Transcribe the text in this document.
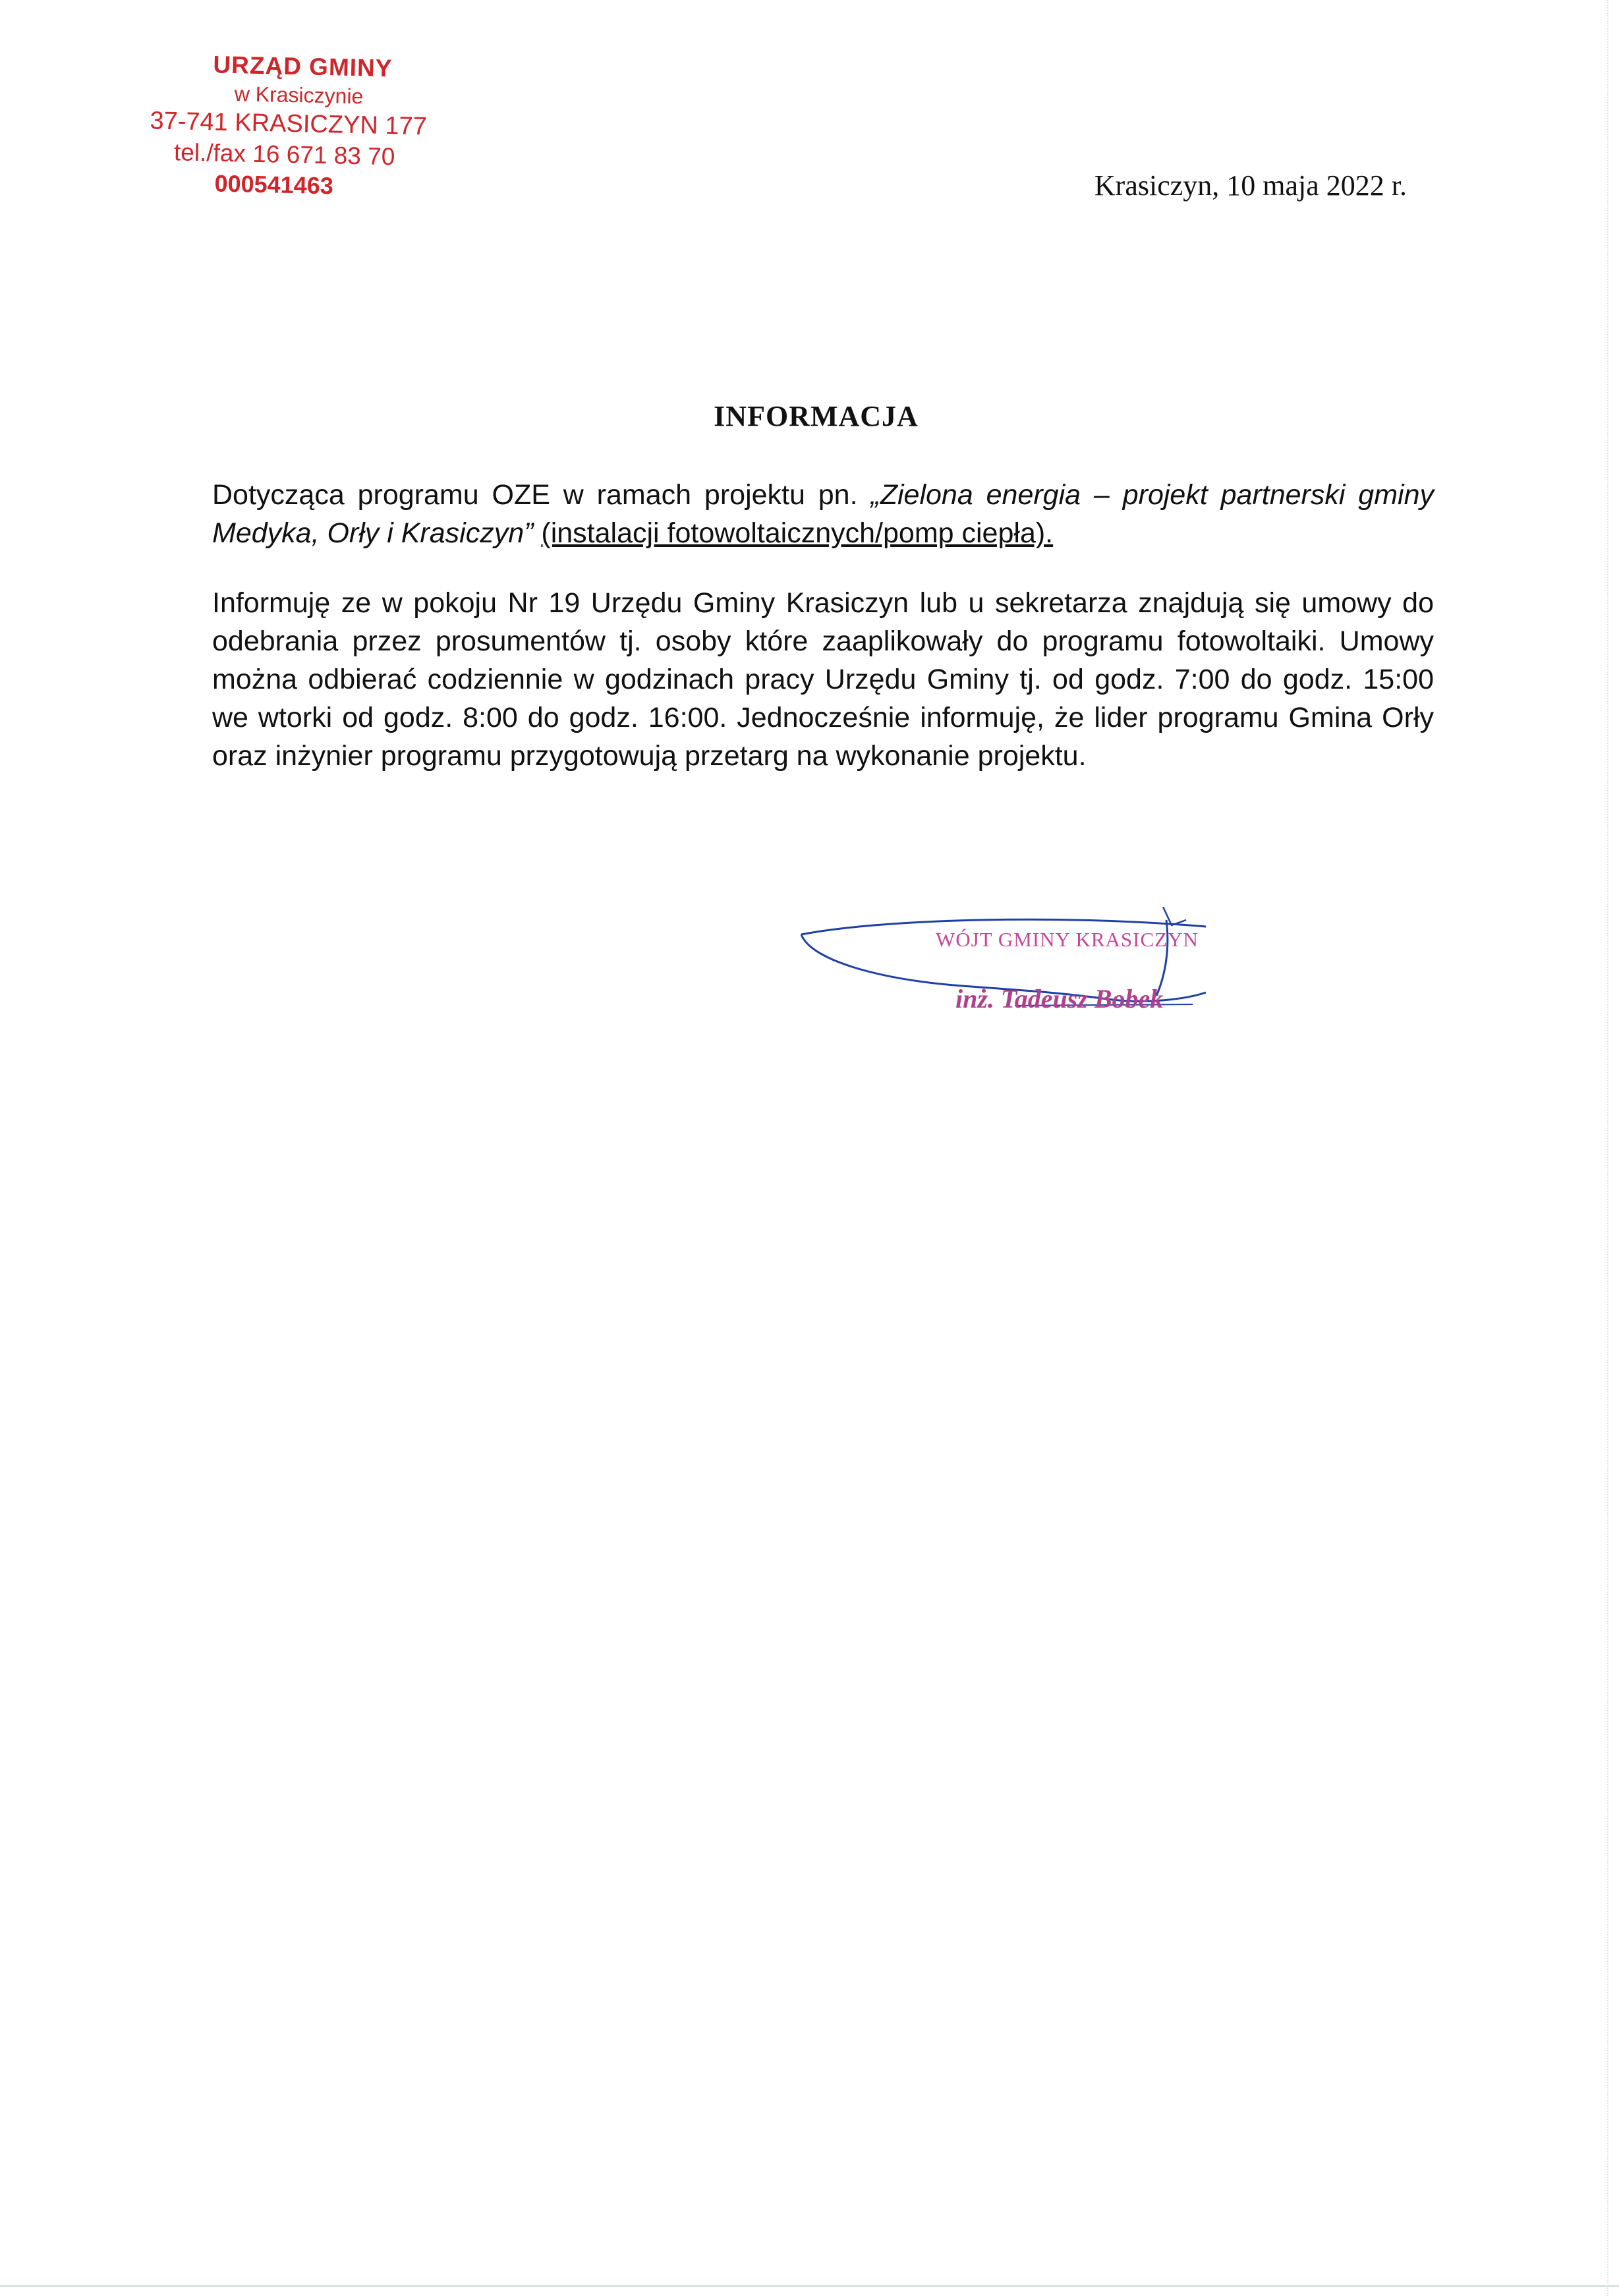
URZĄD GMINY
w Krasiczynie
37-741 KRASICZYN 177
tel./fax 16 671 83 70
000541463	Krasiczyn, 10 maja 2022 r.
INFORMACJA
Dotycząca programu OZE w ramach projektu pn. „Zielona energia – projekt partnerski gminy Medyka, Orły i Krasiczyn” (instalacji fotowoltaicznych/pomp ciepła).
Informuję ze w pokoju Nr 19 Urzędu Gminy Krasiczyn lub u sekretarza znajdują się umowy do odebrania przez prosumentów tj. osoby które zaaplikowały do programu fotowoltaiki. Umowy można odbierać codziennie w godzinach pracy Urzędu Gminy tj. od godz. 7:00 do godz. 15:00 we wtorki od godz. 8:00 do godz. 16:00. Jednocześnie informuję, że lider programu Gmina Orły oraz inżynier programu przygotowują przetarg na wykonanie projektu.
WÓJT GMINY KRASICZYN
inż. Tadeusz Bobek
